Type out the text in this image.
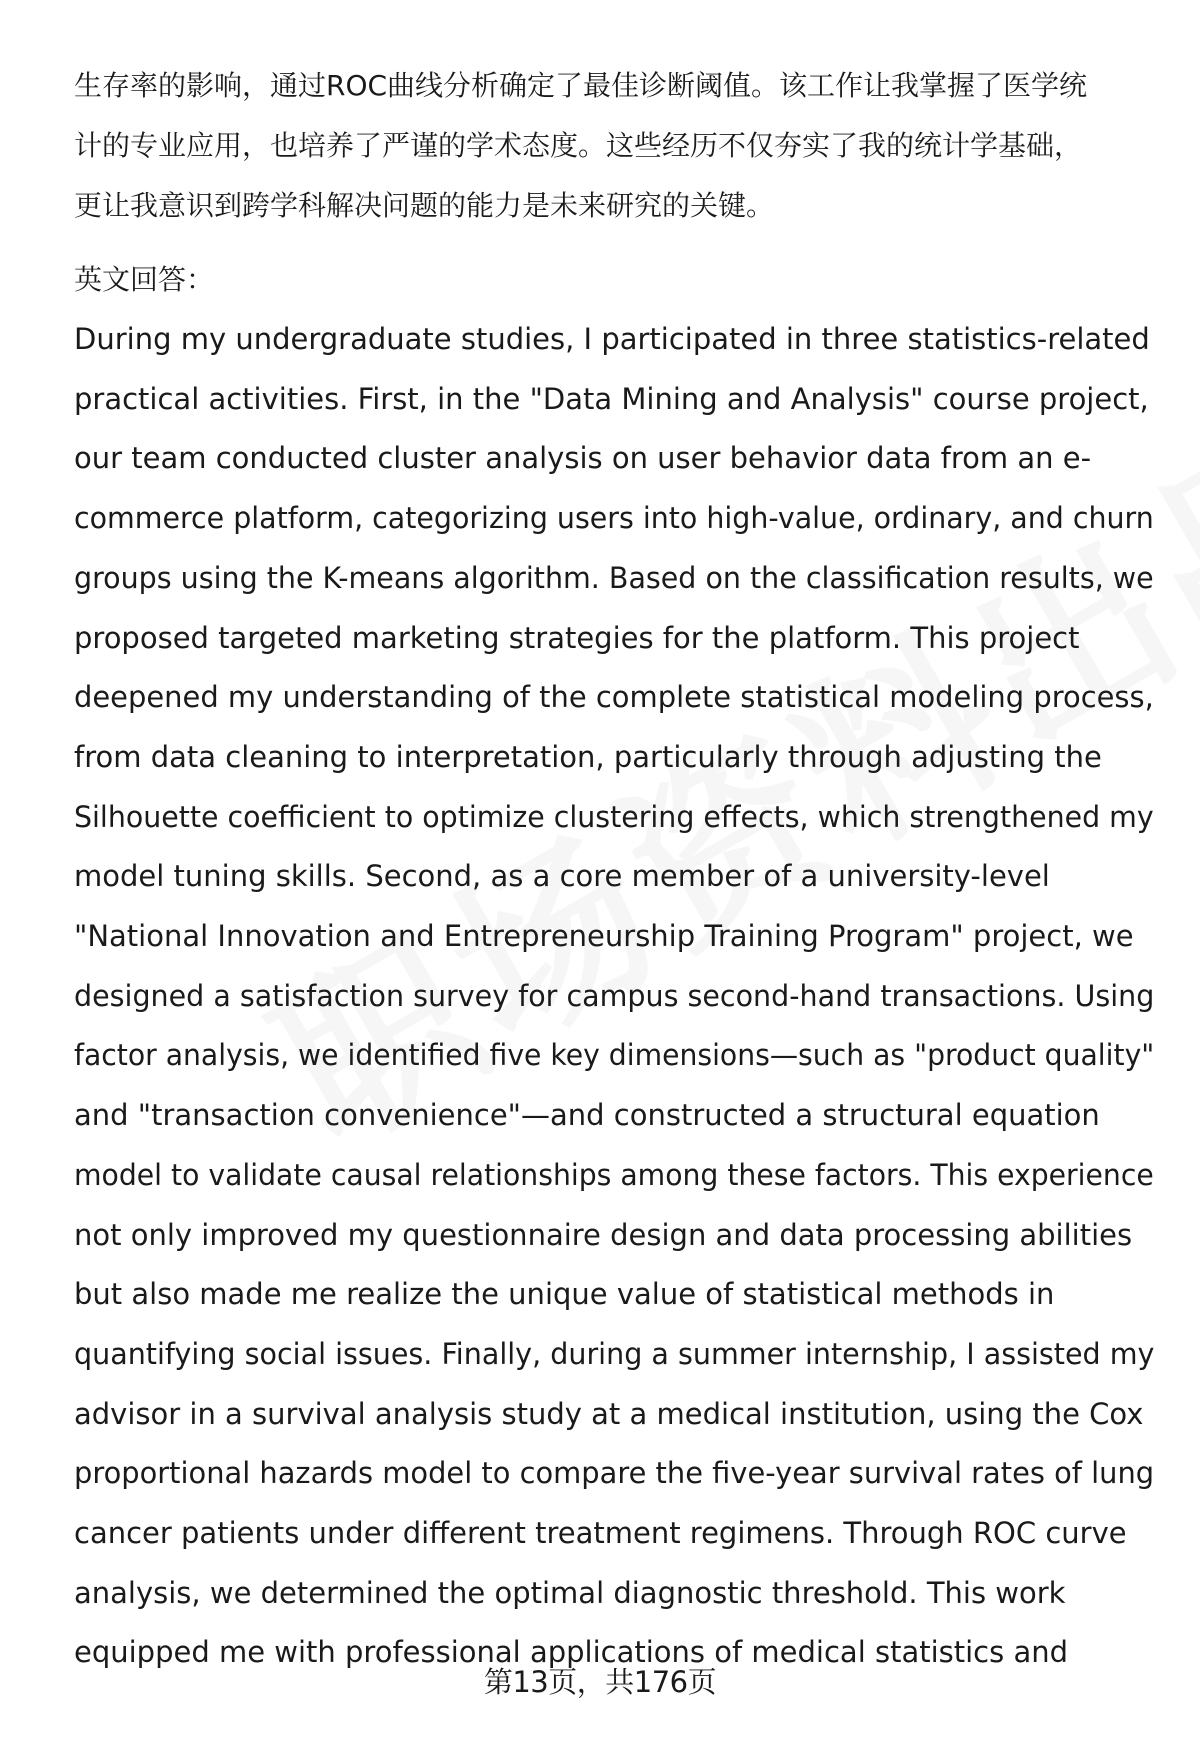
生存率的影响，通过ROC曲线分析确定了最佳诊断阈值。该工作让我掌握了医学统
计的专业应用，也培养了严谨的学术态度。这些经历不仅夯实了我的统计学基础，
更让我意识到跨学科解决问题的能力是未来研究的关键。

英文回答：

During my undergraduate studies, I participated in three statistics-related
practical activities. First, in the "Data Mining and Analysis" course project,
our team conducted cluster analysis on user behavior data from an e-
commerce platform, categorizing users into high-value, ordinary, and churn
groups using the K-means algorithm. Based on the classification results, we
proposed targeted marketing strategies for the platform. This project
deepened my understanding of the complete statistical modeling process,
from data cleaning to interpretation, particularly through adjusting the
Silhouette coefficient to optimize clustering effects, which strengthened my
model tuning skills. Second, as a core member of a university-level
"National Innovation and Entrepreneurship Training Program" project, we
designed a satisfaction survey for campus second-hand transactions. Using
factor analysis, we identified five key dimensions—such as "product quality"
and "transaction convenience"—and constructed a structural equation
model to validate causal relationships among these factors. This experience
not only improved my questionnaire design and data processing abilities
but also made me realize the unique value of statistical methods in
quantifying social issues. Finally, during a summer internship, I assisted my
advisor in a survival analysis study at a medical institution, using the Cox
proportional hazards model to compare the five-year survival rates of lung
cancer patients under different treatment regimens. Through ROC curve
analysis, we determined the optimal diagnostic threshold. This work
equipped me with professional applications of medical statistics and

第13页，共176页
